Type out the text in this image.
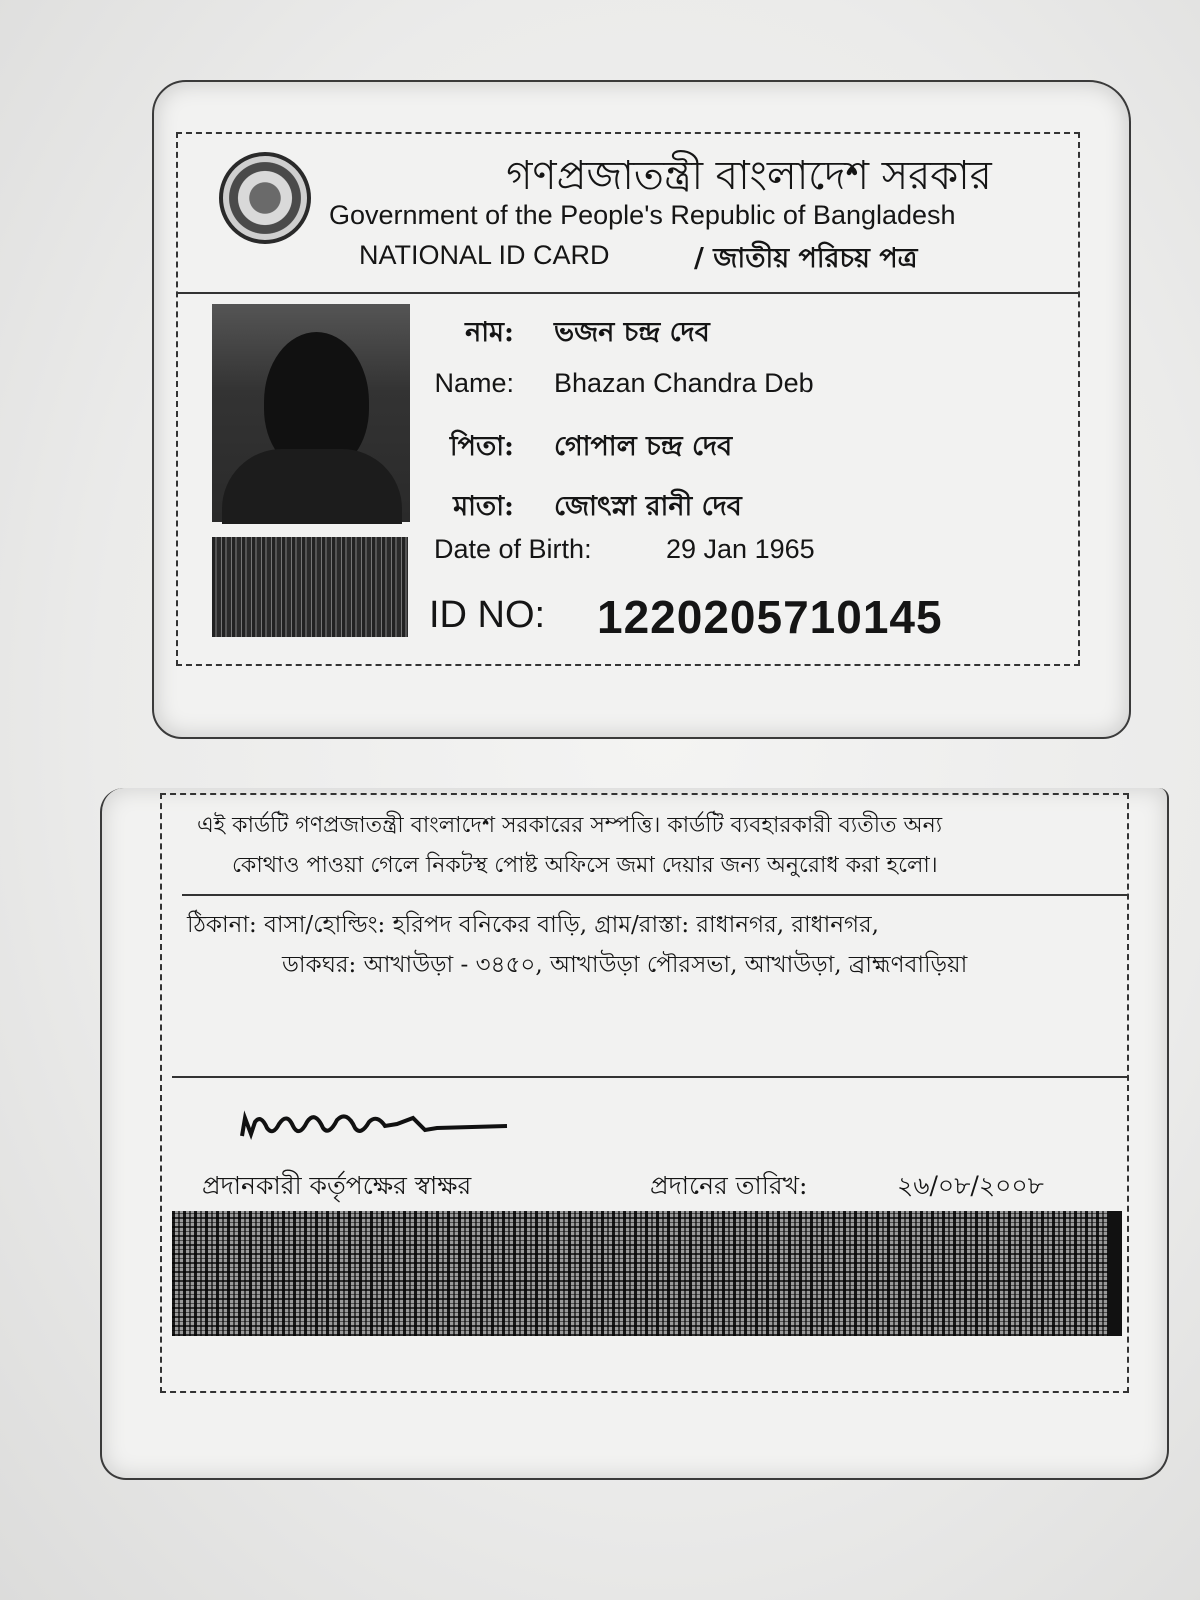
গণপ্রজাতন্ত্রী বাংলাদেশ সরকার
Government of the People's Republic of Bangladesh
NATIONAL ID CARD	/ জাতীয় পরিচয় পত্র
নাম: ভজন চন্দ্র দেব
Name: Bhazan Chandra Deb
পিতা: গোপাল চন্দ্র দেব
মাতা: জোৎস্না রানী দেব
Date of Birth:	29 Jan 1965
ID NO: 1220205710145
এই কার্ডটি গণপ্রজাতন্ত্রী বাংলাদেশ সরকারের সম্পত্তি। কার্ডটি ব্যবহারকারী ব্যতীত অন্য
কোথাও পাওয়া গেলে নিকটস্থ পোষ্ট অফিসে জমা দেয়ার জন্য অনুরোধ করা হলো।
ঠিকানা: বাসা/হোল্ডিং: হরিপদ বনিকের বাড়ি, গ্রাম/রাস্তা: রাধানগর, রাধানগর,
ডাকঘর: আখাউড়া - ৩৪৫০, আখাউড়া পৌরসভা, আখাউড়া, ব্রাহ্মণবাড়িয়া
প্রদানকারী কর্তৃপক্ষের স্বাক্ষর	প্রদানের তারিখ:	২৬/০৮/২০০৮
